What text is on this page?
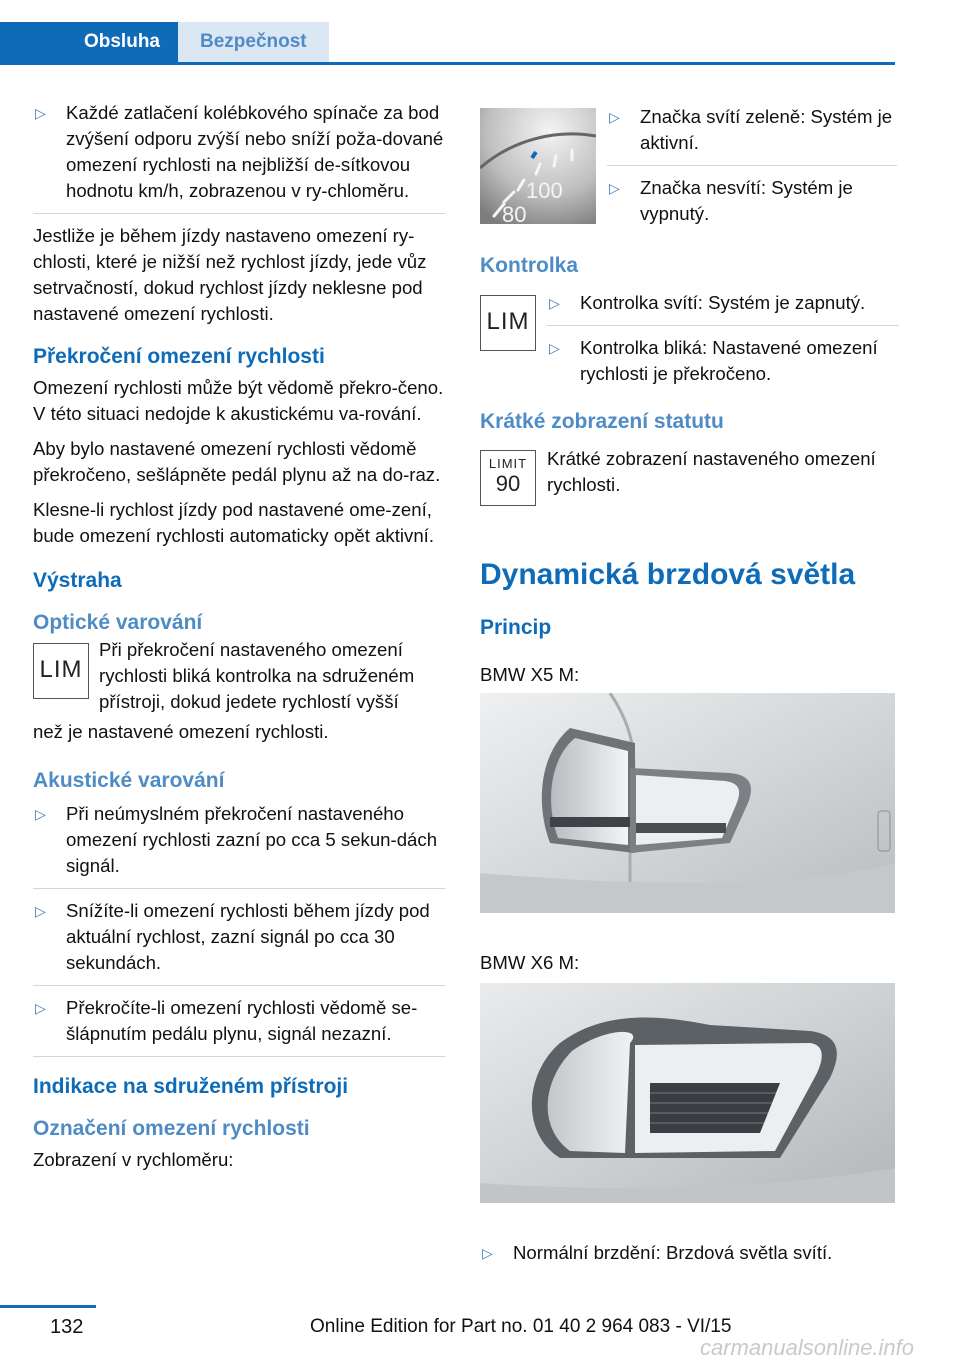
Obsluha	Bezpečnost
▷ Každé zatlačení kolébkového spínače za bod zvýšení odporu zvýší nebo sníží poža‐dované omezení rychlosti na nejbližší de‐sítkovou hodnotu km/h, zobrazenou v ry‐chloměru.

Jestliže je během jízdy nastaveno omezení ry‐chlosti, které je nižší než rychlost jízdy, jede vůz setrvačností, dokud rychlost jízdy neklesne pod nastavené omezení rychlosti.

Překročení omezení rychlosti

Omezení rychlosti může být vědomě překro‐čeno. V této situaci nedojde k akustickému va‐rování.

Aby bylo nastavené omezení rychlosti vědomě překročeno, sešlápněte pedál plynu až na do‐raz.

Klesne-li rychlost jízdy pod nastavené ome‐zení, bude omezení rychlosti automaticky opět aktivní.

Výstraha
Optické varování
LIM

Při překročení nastaveného omezení rychlosti bliká kontrolka na sdruženém přístroji, dokud jedete rychlostí vyšší

než je nastavené omezení rychlosti.

Akustické varování
▷ Při neúmyslném překročení nastaveného omezení rychlosti zazní po cca 5 sekun‐dách signál.
▷ Snížíte-li omezení rychlosti během jízdy pod aktuální rychlost, zazní signál po cca 30 sekundách.
▷ Překročíte-li omezení rychlosti vědomě se‐šlápnutím pedálu plynu, signál nezazní.
Indikace na sdruženém přístroji
Označení omezení rychlosti

Zobrazení v rychloměru:

100
80
▷ Značka svítí zeleně: Systém je aktivní.
▷ Značka nesvítí: Systém je vypnutý.
Kontrolka
LIM
▷ Kontrolka svítí: Systém je zapnutý.
▷ Kontrolka bliká: Nastavené omezení rychlosti je překročeno.
Krátké zobrazení statutu
LIMIT
90

Krátké zobrazení nastaveného omezení rychlosti.

Dynamická brzdová světla
Princip

BMW X5 M:

BMW X6 M:

▷ Normální brzdění: Brzdová světla svítí.
132	Online Edition for Part no. 01 40 2 964 083 - VI/15
carmanualsonline.info
